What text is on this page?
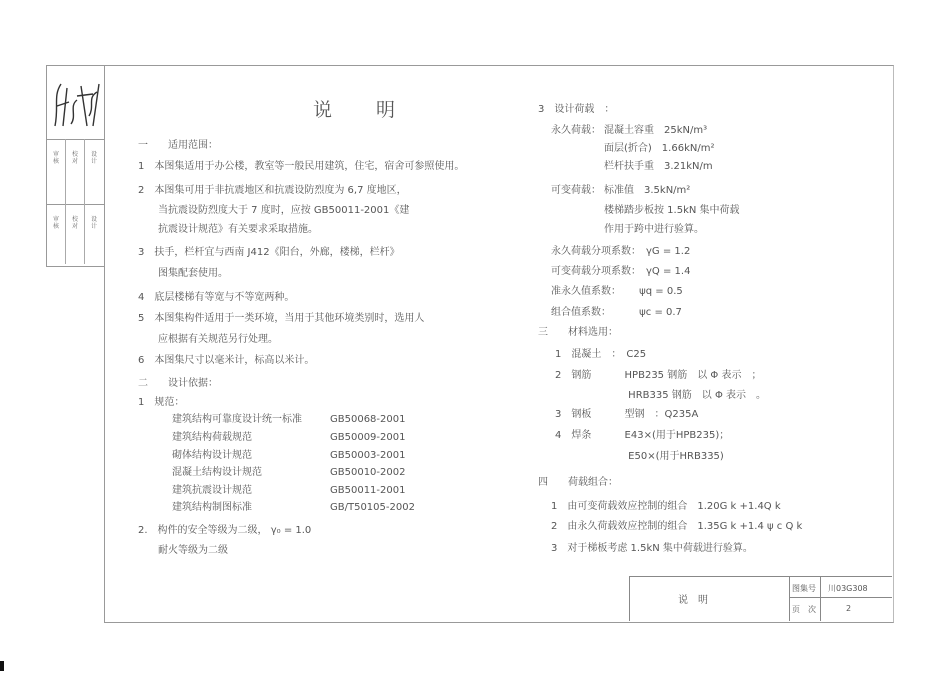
审核
校对
设计
审核
校对
设计
说　　明
一　　适用范围：
1　本图集适用于办公楼，教室等一般民用建筑，住宅，宿舍可参照使用。
2　本图集可用于非抗震地区和抗震设防烈度为 6,7 度地区，
　　当抗震设防烈度大于 7 度时，应按 GB50011-2001《建
　　抗震设计规范》有关要求采取措施。
3　扶手，栏杆宜与西南 J412《阳台，外廊，楼梯，栏杆》
　　图集配套使用。
4　底层楼梯有等宽与不等宽两种。
5　本图集构件适用于一类环境，当用于其他环境类别时，选用人
　　应根据有关规范另行处理。
6　本图集尺寸以毫米计，标高以米计。
二　　设计依据：
1　规范：
建筑结构可靠度设计统一标准	GB50068-2001
建筑结构荷载规范	GB50009-2001
砌体结构设计规范	GB50003-2001
混凝土结构设计规范	GB50010-2002
建筑抗震设计规范	GB50011-2001
建筑结构制图标准	GB/T50105-2002
2.　构件的安全等级为二级， γ₀ = 1.0
　　耐火等级为二级
3　设计荷载　：
永久荷载： 混凝土容重　25kN/m³
面层(折合)　1.66kN/m²
栏杆扶手重　3.21kN/m
可变荷载： 标准值　3.5kN/m²
楼梯踏步板按 1.5kN 集中荷载
作用于跨中进行验算。
永久荷载分项系数：　γG = 1.2
可变荷载分项系数：　γQ = 1.4
准永久值系数：　　 ψq = 0.5
组合值系数：　　　 ψc = 0.7
三　　材料选用：
1　混凝土　：　C25
2　钢筋　　　 HPB235 钢筋　以 Φ 表示　；
　　　　　　　 HRB335 钢筋　以 Φ 表示　。
3　钢板　　　 型钢　：Q235A
4　焊条　　　 E43×(用于HPB235)；
　　　　　　　 E50×(用于HRB335)
四　　荷载组合：
1　由可变荷载效应控制的组合　1.20G k +1.4Q k
2　由永久荷载效应控制的组合　1.35G k +1.4 ψ c Q k
3　对于梯板考虑 1.5kN 集中荷载进行验算。
说　明
图集号 川03G308
页　次	2
